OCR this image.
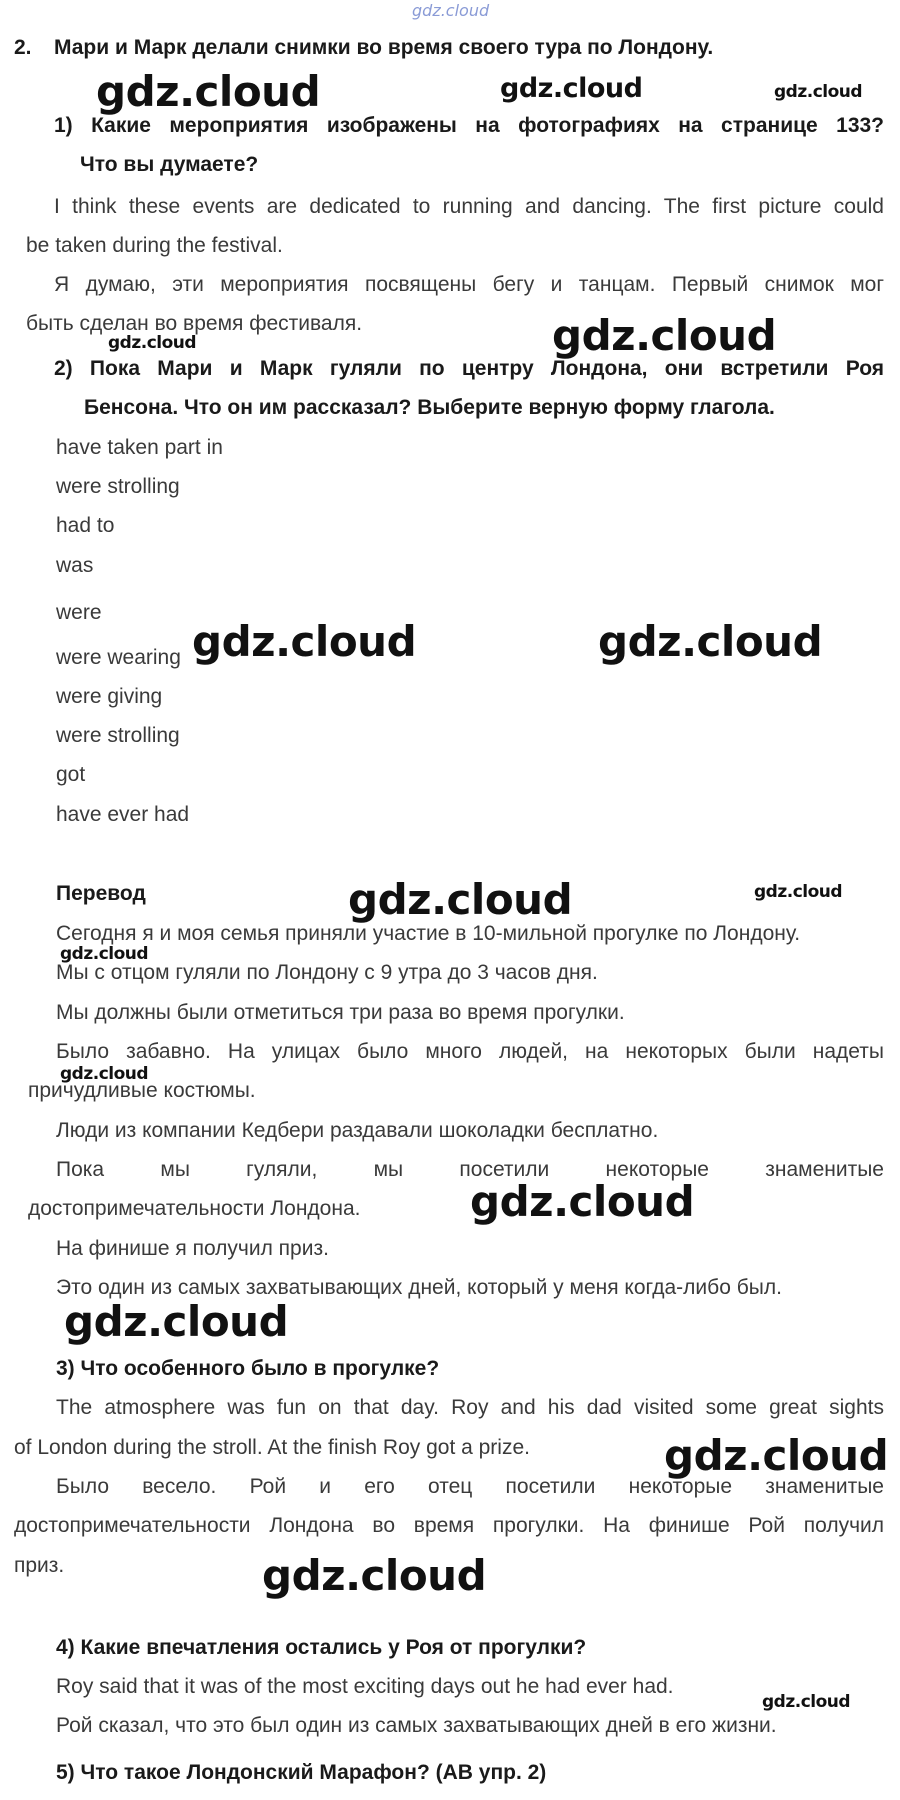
gdz.cloud
2. Мари и Марк делали снимки во время своего тура по Лондону.
1) Какие мероприятия изображены на фотографиях на странице 133?
Что вы думаете?
I think these events are dedicated to running and dancing. The first picture could
be taken during the festival.
Я думаю, эти мероприятия посвящены бегу и танцам. Первый снимок мог
быть сделан во время фестиваля.
2) Пока Мари и Марк гуляли по центру Лондона, они встретили Роя
Бенсона. Что он им рассказал? Выберите верную форму глагола.
have taken part in
were strolling
had to
was
were
were wearing
were giving
were strolling
got
have ever had
Перевод
Сегодня я и моя семья приняли участие в 10-мильной прогулке по Лондону.
Мы с отцом гуляли по Лондону с 9 утра до 3 часов дня.
Мы должны были отметиться три раза во время прогулки.
Было забавно. На улицах было много людей, на некоторых были надеты
причудливые костюмы.
Люди из компании Кедбери раздавали шоколадки бесплатно.
Пока мы гуляли, мы посетили некоторые знаменитые
достопримечательности Лондона.
На финише я получил приз.
Это один из самых захватывающих дней, который у меня когда-либо был.
3) Что особенного было в прогулке?
The atmosphere was fun on that day. Roy and his dad visited some great sights
of London during the stroll. At the finish Roy got a prize.
Было весело. Рой и его отец посетили некоторые знаменитые
достопримечательности Лондона во время прогулки. На финише Рой получил
приз.
4) Какие впечатления остались у Роя от прогулки?
Roy said that it was of the most exciting days out he had ever had.
Рой сказал, что это был один из самых захватывающих дней в его жизни.
5) Что такое Лондонский Марафон? (AB упр. 2)
gdz.cloud	gdz.cloud	gdz.cloud
gdz.cloud
gdz.cloud
gdz.cloud	gdz.cloud
gdz.cloud	gdz.cloud
gdz.cloud
gdz.cloud
gdz.cloud
gdz.cloud
gdz.cloud
gdz.cloud
gdz.cloud
